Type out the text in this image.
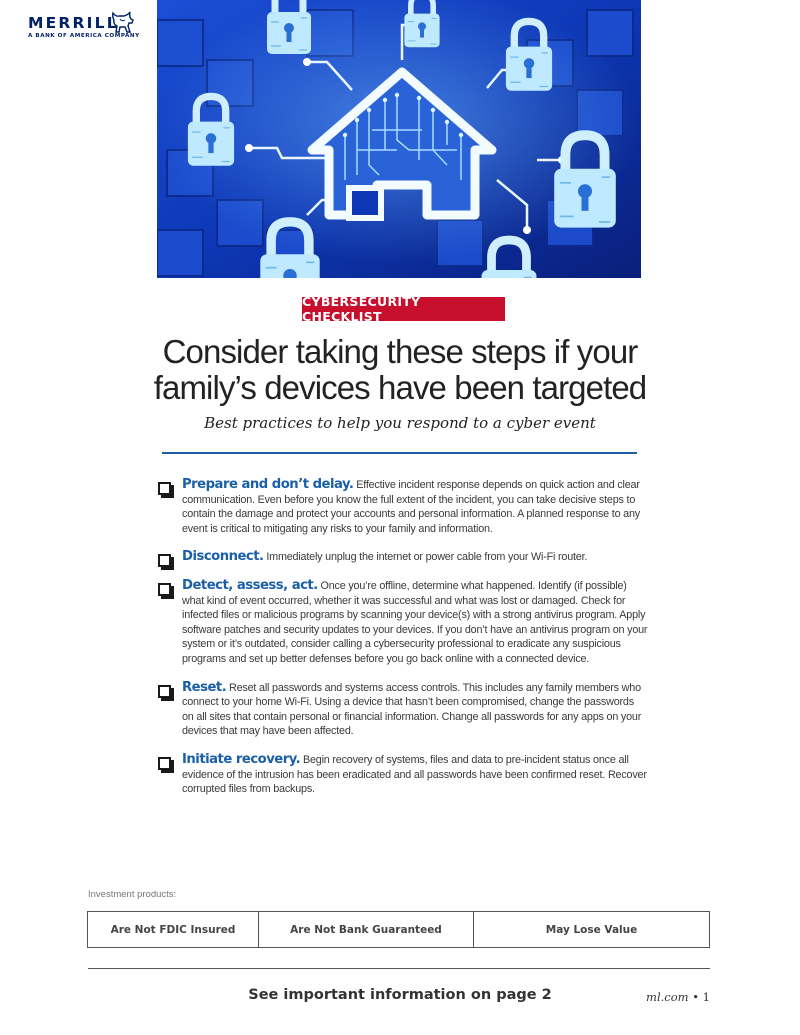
MERRILL
A BANK OF AMERICA COMPANY
CYBERSECURITY CHECKLIST
Consider taking these steps if your
family’s devices have been targeted
Best practices to help you respond to a cyber event
Prepare and don’t delay. Effective incident response depends on quick action and clear communication. Even before you know the full extent of the incident, you can take decisive steps to contain the damage and protect your accounts and personal information. A planned response to any event is critical to mitigating any risks to your family and information.
Disconnect. Immediately unplug the internet or power cable from your Wi-Fi router.
Detect, assess, act. Once you’re offline, determine what happened. Identify (if possible) what kind of event occurred, whether it was successful and what was lost or damaged. Check for infected files or malicious programs by scanning your device(s) with a strong antivirus program. Apply software patches and security updates to your devices. If you don’t have an antivirus program on your system or it’s outdated, consider calling a cybersecurity professional to eradicate any suspicious programs and set up better defenses before you go back online with a connected device.
Reset. Reset all passwords and systems access controls. This includes any family members who connect to your home Wi-Fi. Using a device that hasn’t been compromised, change the passwords on all sites that contain personal or financial information. Change all passwords for any apps on your devices that may have been affected.
Initiate recovery. Begin recovery of systems, files and data to pre-incident status once all evidence of the intrusion has been eradicated and all passwords have been confirmed reset. Recover corrupted files from backups.
Investment products:
Are Not FDIC Insured	Are Not Bank Guaranteed	May Lose Value
See important information on page 2	ml.com • 1
